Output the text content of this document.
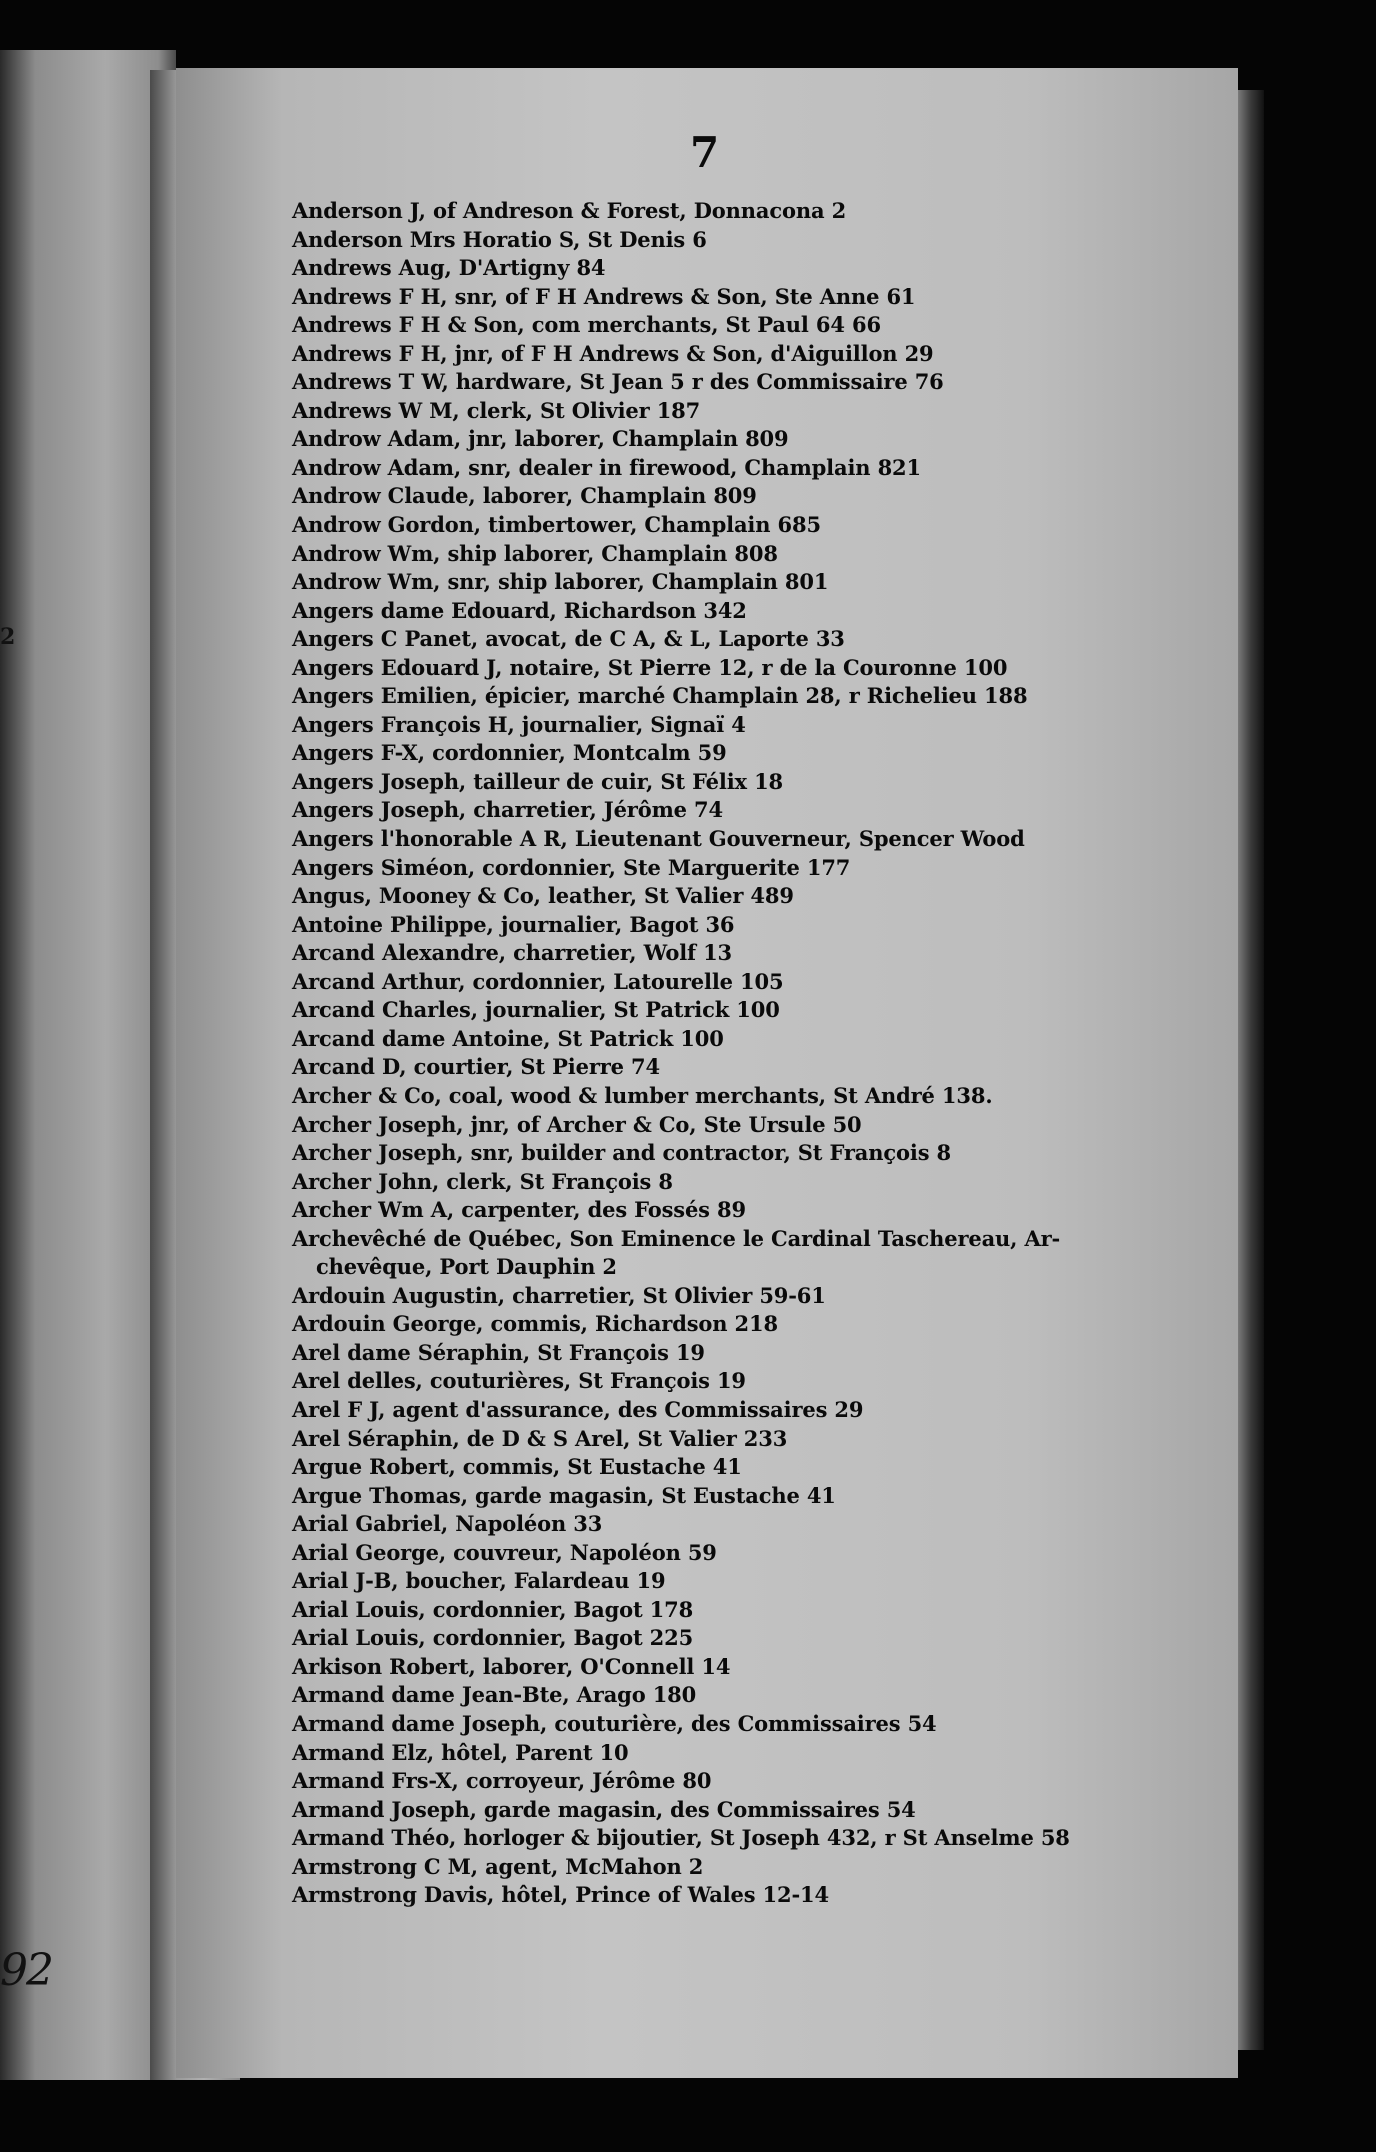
2
92
7
Anderson J, of Andreson & Forest, Donnacona 2
Anderson Mrs Horatio S, St Denis 6
Andrews Aug, D'Artigny 84
Andrews F H, snr, of F H Andrews & Son, Ste Anne 61
Andrews F H & Son, com merchants, St Paul 64 66
Andrews F H, jnr, of F H Andrews & Son, d'Aiguillon 29
Andrews T W, hardware, St Jean 5 r des Commissaire 76
Andrews W M, clerk, St Olivier 187
Androw Adam, jnr, laborer, Champlain 809
Androw Adam, snr, dealer in firewood, Champlain 821
Androw Claude, laborer, Champlain 809
Androw Gordon, timbertower, Champlain 685
Androw Wm, ship laborer, Champlain 808
Androw Wm, snr, ship laborer, Champlain 801
Angers dame Edouard, Richardson 342
Angers C Panet, avocat, de C A, & L, Laporte 33
Angers Edouard J, notaire, St Pierre 12, r de la Couronne 100
Angers Emilien, épicier, marché Champlain 28, r Richelieu 188
Angers François H, journalier, Signaï 4
Angers F-X, cordonnier, Montcalm 59
Angers Joseph, tailleur de cuir, St Félix 18
Angers Joseph, charretier, Jérôme 74
Angers l'honorable A R, Lieutenant Gouverneur, Spencer Wood
Angers Siméon, cordonnier, Ste Marguerite 177
Angus, Mooney & Co, leather, St Valier 489
Antoine Philippe, journalier, Bagot 36
Arcand Alexandre, charretier, Wolf 13
Arcand Arthur, cordonnier, Latourelle 105
Arcand Charles, journalier, St Patrick 100
Arcand dame Antoine, St Patrick 100
Arcand D, courtier, St Pierre 74
Archer & Co, coal, wood & lumber merchants, St André 138.
Archer Joseph, jnr, of Archer & Co, Ste Ursule 50
Archer Joseph, snr, builder and contractor, St François 8
Archer John, clerk, St François 8
Archer Wm A, carpenter, des Fossés 89
Archevêché de Québec, Son Eminence le Cardinal Taschereau, Ar-
chevêque, Port Dauphin 2
Ardouin Augustin, charretier, St Olivier 59-61
Ardouin George, commis, Richardson 218
Arel dame Séraphin, St François 19
Arel delles, couturières, St François 19
Arel F J, agent d'assurance, des Commissaires 29
Arel Séraphin, de D & S Arel, St Valier 233
Argue Robert, commis, St Eustache 41
Argue Thomas, garde magasin, St Eustache 41
Arial Gabriel, Napoléon 33
Arial George, couvreur, Napoléon 59
Arial J-B, boucher, Falardeau 19
Arial Louis, cordonnier, Bagot 178
Arial Louis, cordonnier, Bagot 225
Arkison Robert, laborer, O'Connell 14
Armand dame Jean-Bte, Arago 180
Armand dame Joseph, couturière, des Commissaires 54
Armand Elz, hôtel, Parent 10
Armand Frs-X, corroyeur, Jérôme 80
Armand Joseph, garde magasin, des Commissaires 54
Armand Théo, horloger & bijoutier, St Joseph 432, r St Anselme 58
Armstrong C M, agent, McMahon 2
Armstrong Davis, hôtel, Prince of Wales 12-14
